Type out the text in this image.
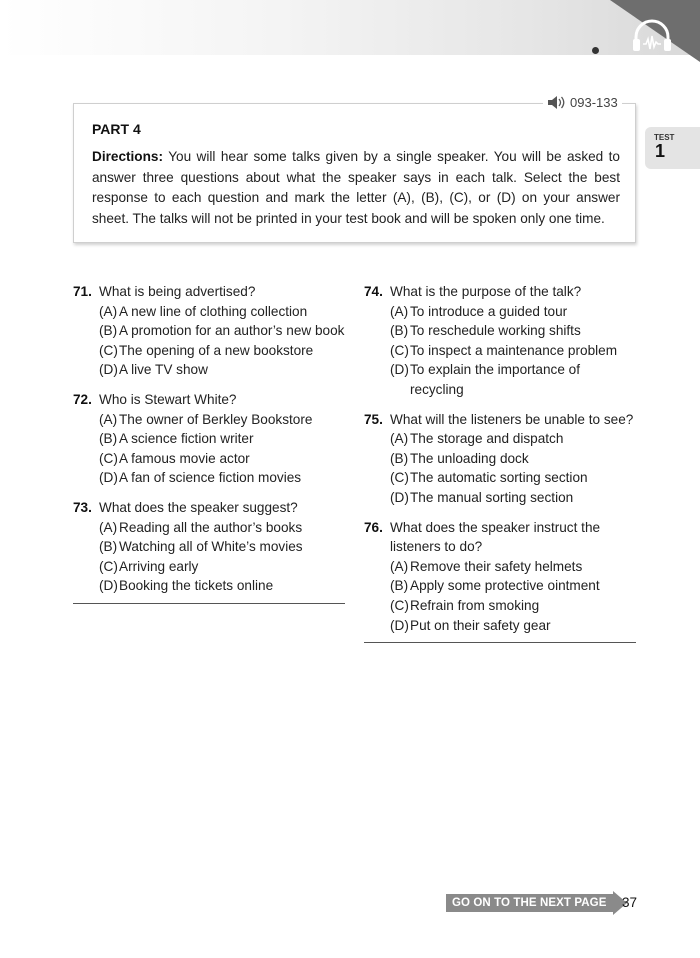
TEST
1
PART 4
Directions: You will hear some talks given by a single speaker. You will be asked to answer three questions about what the speaker says in each talk. Select the best response to each question and mark the letter (A), (B), (C), or (D) on your answer sheet. The talks will not be printed in your test book and will be spoken only one time.
093-133
71. What is being advertised?
(A) A new line of clothing collection
(B) A promotion for an author’s new book
(C) The opening of a new bookstore
(D) A live TV show
72. Who is Stewart White?
(A) The owner of Berkley Bookstore
(B) A science fiction writer
(C) A famous movie actor
(D) A fan of science fiction movies
73. What does the speaker suggest?
(A) Reading all the author’s books
(B) Watching all of White’s movies
(C) Arriving early
(D) Booking the tickets online
74. What is the purpose of the talk?
(A) To introduce a guided tour
(B) To reschedule working shifts
(C) To inspect a maintenance problem
(D) To explain the importance of recycling
75. What will the listeners be unable to see?
(A) The storage and dispatch
(B) The unloading dock
(C) The automatic sorting section
(D) The manual sorting section
76. What does the speaker instruct the listeners to do?
(A) Remove their safety helmets
(B) Apply some protective ointment
(C) Refrain from smoking
(D) Put on their safety gear
GO ON TO THE NEXT PAGE	37
